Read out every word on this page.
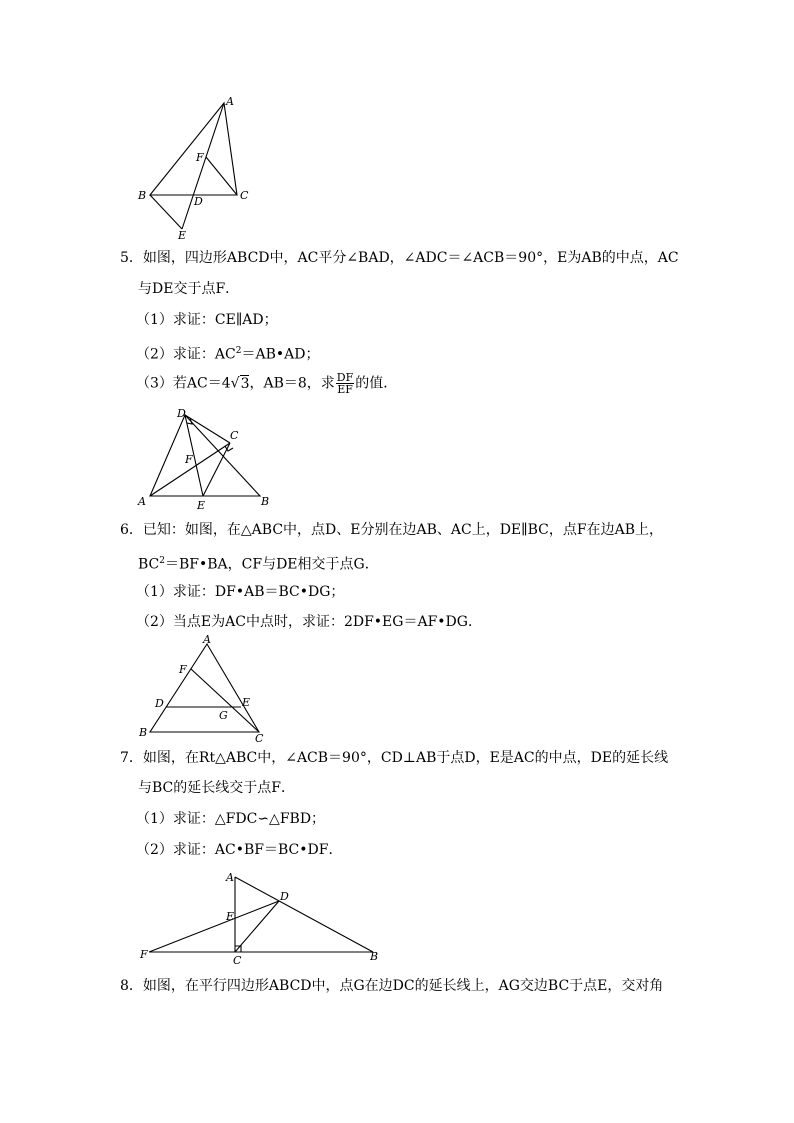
A
B	C
D
E
F
5．如图，四边形ABCD中，AC平分∠BAD，∠ADC＝∠ACB＝90°，E为AB的中点，AC
与DE交于点F．
（1）求证：CE∥AD；
（2）求证：$AC^2=AB•AD$；
（3）若AC＝4√3，AB＝8，求 $\frac{DF}{EF}$ 的值．
D
C
F
A	E	B
6．已知：如图，在△ABC中，点D、E分别在边AB、AC上，DE∥BC，点F在边AB上，
$BC^2=BF•BA$，CF与DE相交于点G．
（1）求证：DF•AB＝BC•DG；
（2）当点E为AC中点时，求证：2DF•EG＝AF•DG．
A
F
D	E
G
B	C
7．如图，在Rt△ABC中，∠ACB＝90°，CD⊥AB于点D，E是AC的中点，DE的延长线
与BC的延长线交于点F．
（1）求证：△FDC∽△FBD；
（2）求证：AC•BF＝BC•DF．
A
D
E
F	C	B
8．如图，在平行四边形ABCD中，点G在边DC的延长线上，AG交边BC于点E，交对角
